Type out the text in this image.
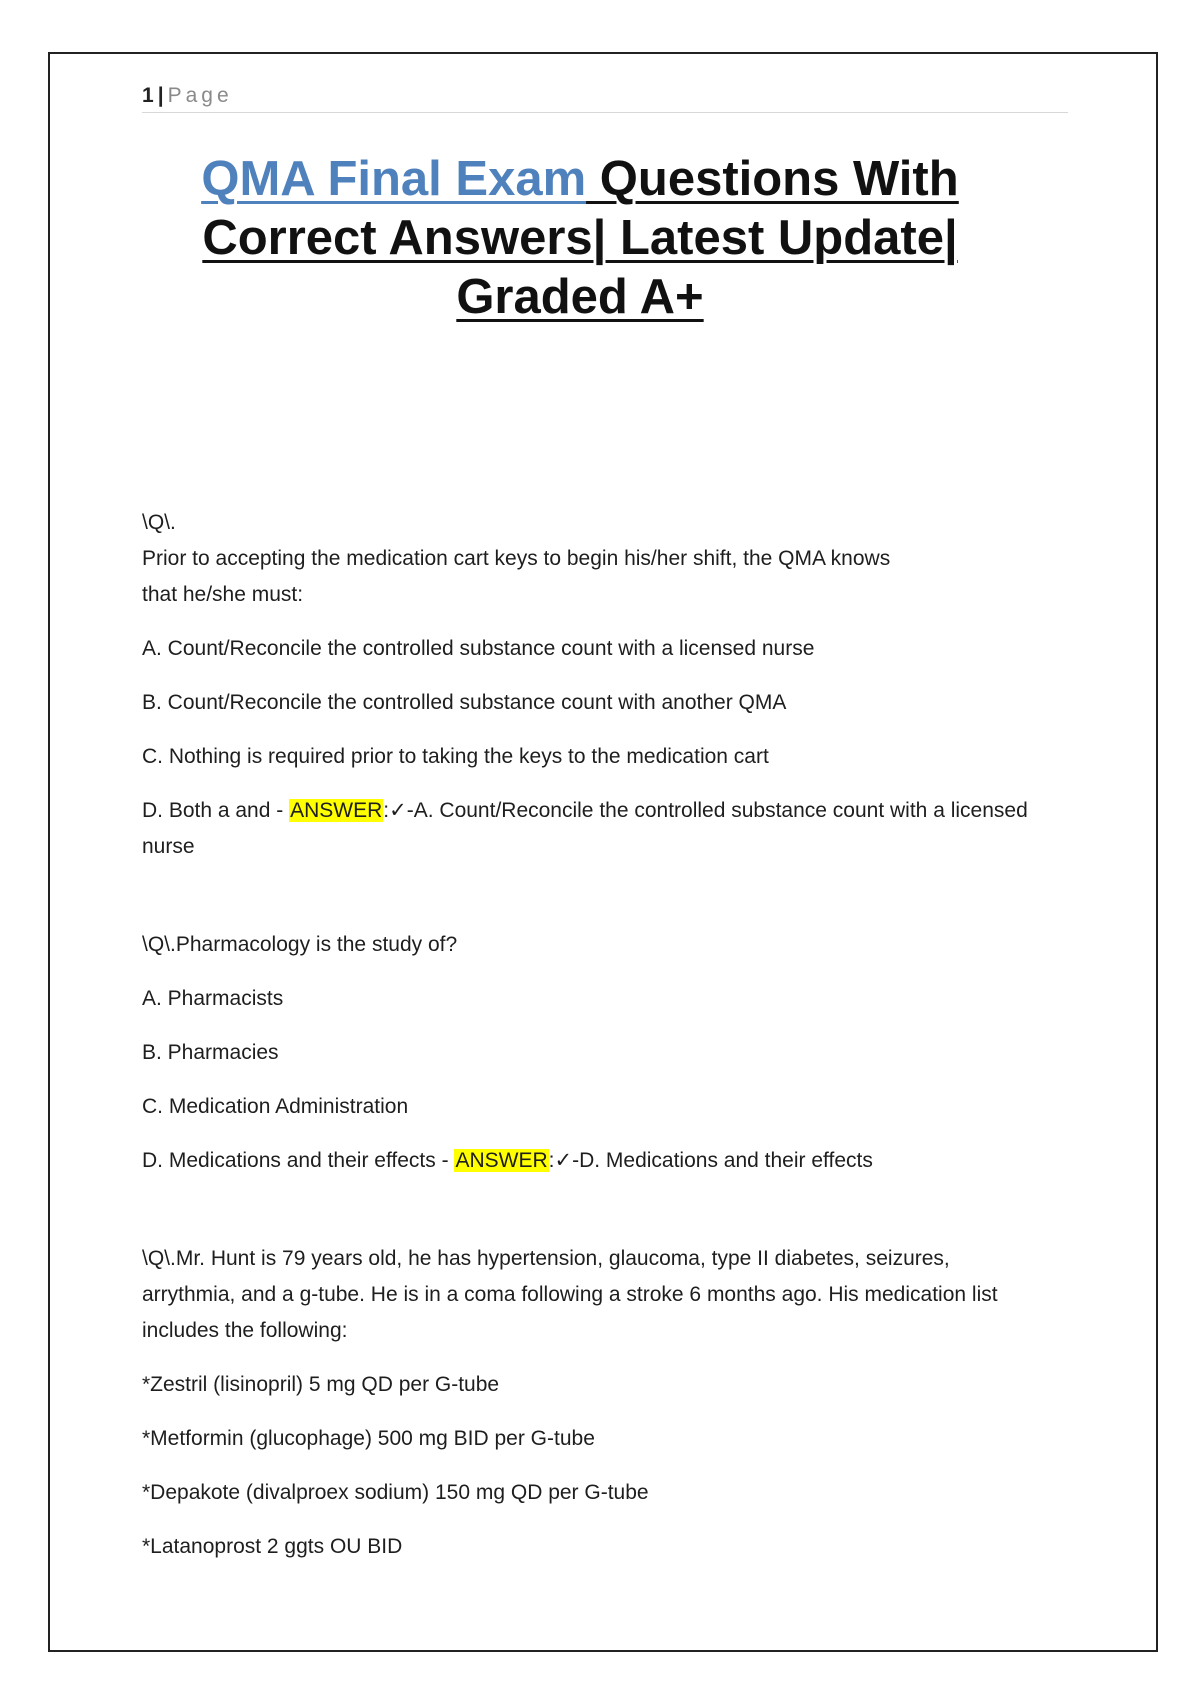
1 | Page
QMA Final Exam Questions With
Correct Answers| Latest Update|
Graded A+
\Q\.

Prior to accepting the medication cart keys to begin his/her shift, the QMA knows that he/she must:

A. Count/Reconcile the controlled substance count with a licensed nurse

B. Count/Reconcile the controlled substance count with another QMA

C. Nothing is required prior to taking the keys to the medication cart

D. Both a and - ANSWER:✓-A. Count/Reconcile the controlled substance count with a licensed nurse

\Q\.Pharmacology is the study of?

A. Pharmacists

B. Pharmacies

C. Medication Administration

D. Medications and their effects - ANSWER:✓-D. Medications and their effects

\Q\.Mr. Hunt is 79 years old, he has hypertension, glaucoma, type II diabetes, seizures, arrythmia, and a g-tube. He is in a coma following a stroke 6 months ago. His medication list includes the following:

*Zestril (lisinopril) 5 mg QD per G-tube

*Metformin (glucophage) 500 mg BID per G-tube

*Depakote (divalproex sodium) 150 mg QD per G-tube

*Latanoprost 2 ggts OU BID
